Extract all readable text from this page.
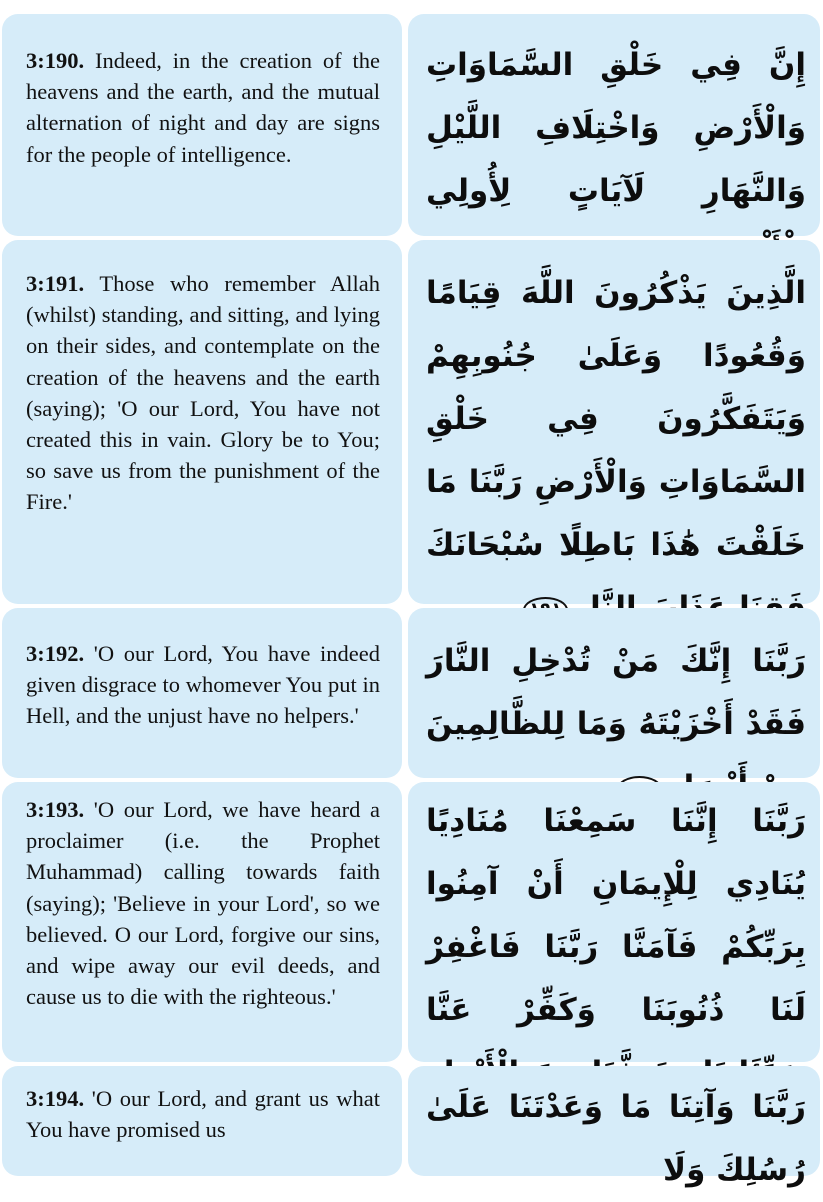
3:190. Indeed, in the creation of the heavens and the earth, and the mutual alternation of night and day are signs for the people of intelligence.

إِنَّ فِي خَلْقِ السَّمَاوَاتِ وَالْأَرْضِ وَاخْتِلَافِ اللَّيْلِ وَالنَّهَارِ لَآيَاتٍ لِأُولِي

3:191. Those who remember Allah (whilst) standing, and sitting, and lying on their sides, and contemplate on the creation of the heavens and the earth (saying); 'O our Lord, You have not created this in vain. Glory be to You; so save us from the punishment of the Fire.'

الَّذِينَ يَذْكُرُونَ اللَّهَ قِيَامًا وَقُعُودًا وَعَلَىٰ جُنُوبِهِمْ وَيَتَفَكَّرُونَ فِي خَلْقِ السَّمَاوَاتِ وَالْأَرْضِ رَبَّنَا مَا خَلَقْتَ هَٰذَا بَاطِلًا سُبْحَانَكَ

3:192. 'O our Lord, You have indeed given disgrace to whomever You put in Hell, and the unjust have no helpers.'

رَبَّنَا إِنَّكَ مَنْ تُدْخِلِ النَّارَ فَقَدْ أَخْزَيْتَهُ وَمَا لِلظَّالِمِينَ

3:193. 'O our Lord, we have heard a proclaimer (i.e. the Prophet Muhammad) calling towards faith (saying); 'Believe in your Lord', so we believed. O our Lord, forgive our sins, and wipe away our evil deeds, and cause us to die with the righteous.'

رَبَّنَا إِنَّنَا سَمِعْنَا مُنَادِيًا يُنَادِي لِلْإِيمَانِ أَنْ آمِنُوا بِرَبِّكُمْ فَآمَنَّا رَبَّنَا فَاغْفِرْ لَنَا ذُنُوبَنَا وَكَفِّرْ عَنَّا

3:194. 'O our Lord, and grant us what You have promised us

رَبَّنَا وَآتِنَا مَا وَعَدْتَنَا عَلَىٰ رُسُلِكَ وَلَا
